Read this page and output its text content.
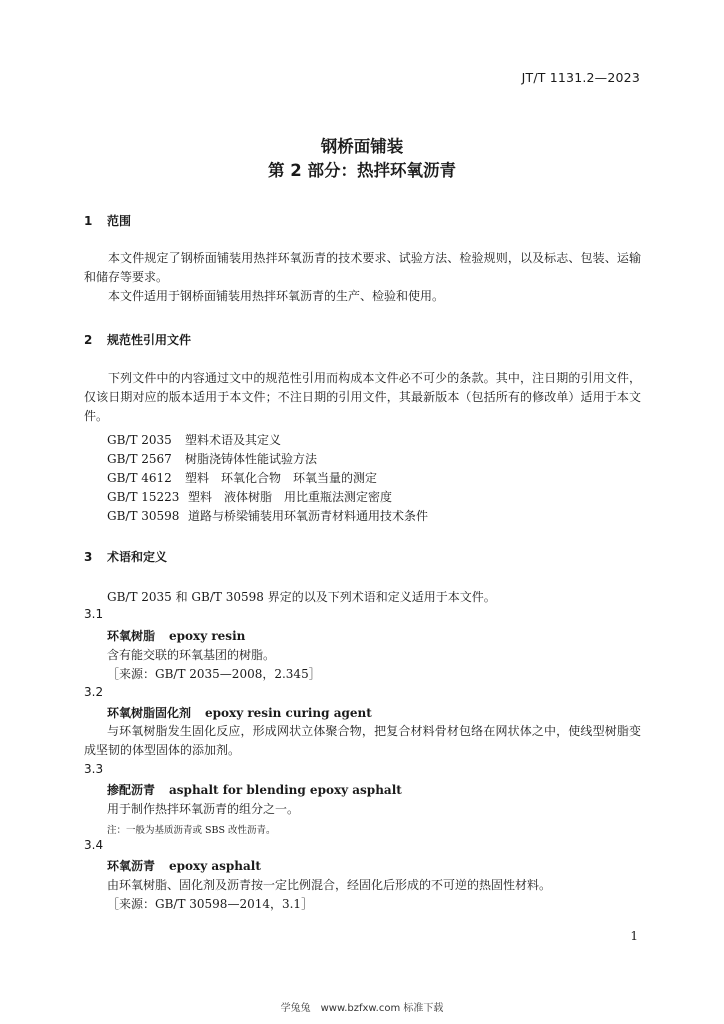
JT/T 1131.2—2023
钢桥面铺装
第 2 部分：热拌环氧沥青
1 范围
本文件规定了钢桥面铺装用热拌环氧沥青的技术要求、试验方法、检验规则，以及标志、包装、运输和储存等要求。
本文件适用于钢桥面铺装用热拌环氧沥青的生产、检验和使用。
2 规范性引用文件
下列文件中的内容通过文中的规范性引用而构成本文件必不可少的条款。其中，注日期的引用文件，仅该日期对应的版本适用于本文件；不注日期的引用文件，其最新版本（包括所有的修改单）适用于本文件。
GB/T 2035 塑料术语及其定义
GB/T 2567 树脂浇铸体性能试验方法
GB/T 4612 塑料　环氧化合物　环氧当量的测定
GB/T 15223 塑料　液体树脂　用比重瓶法测定密度
GB/T 30598 道路与桥梁铺装用环氧沥青材料通用技术条件
3 术语和定义
GB/T 2035 和 GB/T 30598 界定的以及下列术语和定义适用于本文件。
3.1
环氧树脂 epoxy resin
含有能交联的环氧基团的树脂。
［来源：GB/T 2035—2008，2.345］
3.2
环氧树脂固化剂 epoxy resin curing agent
与环氧树脂发生固化反应，形成网状立体聚合物，把复合材料骨材包络在网状体之中，使线型树脂变成坚韧的体型固体的添加剂。
3.3
掺配沥青 asphalt for blending epoxy asphalt
用于制作热拌环氧沥青的组分之一。
注：一般为基质沥青或 SBS 改性沥青。
3.4
环氧沥青 epoxy asphalt
由环氧树脂、固化剂及沥青按一定比例混合，经固化后形成的不可逆的热固性材料。
［来源：GB/T 30598—2014，3.1］
1
学兔兔　www.bzfxw.com 标准下载
